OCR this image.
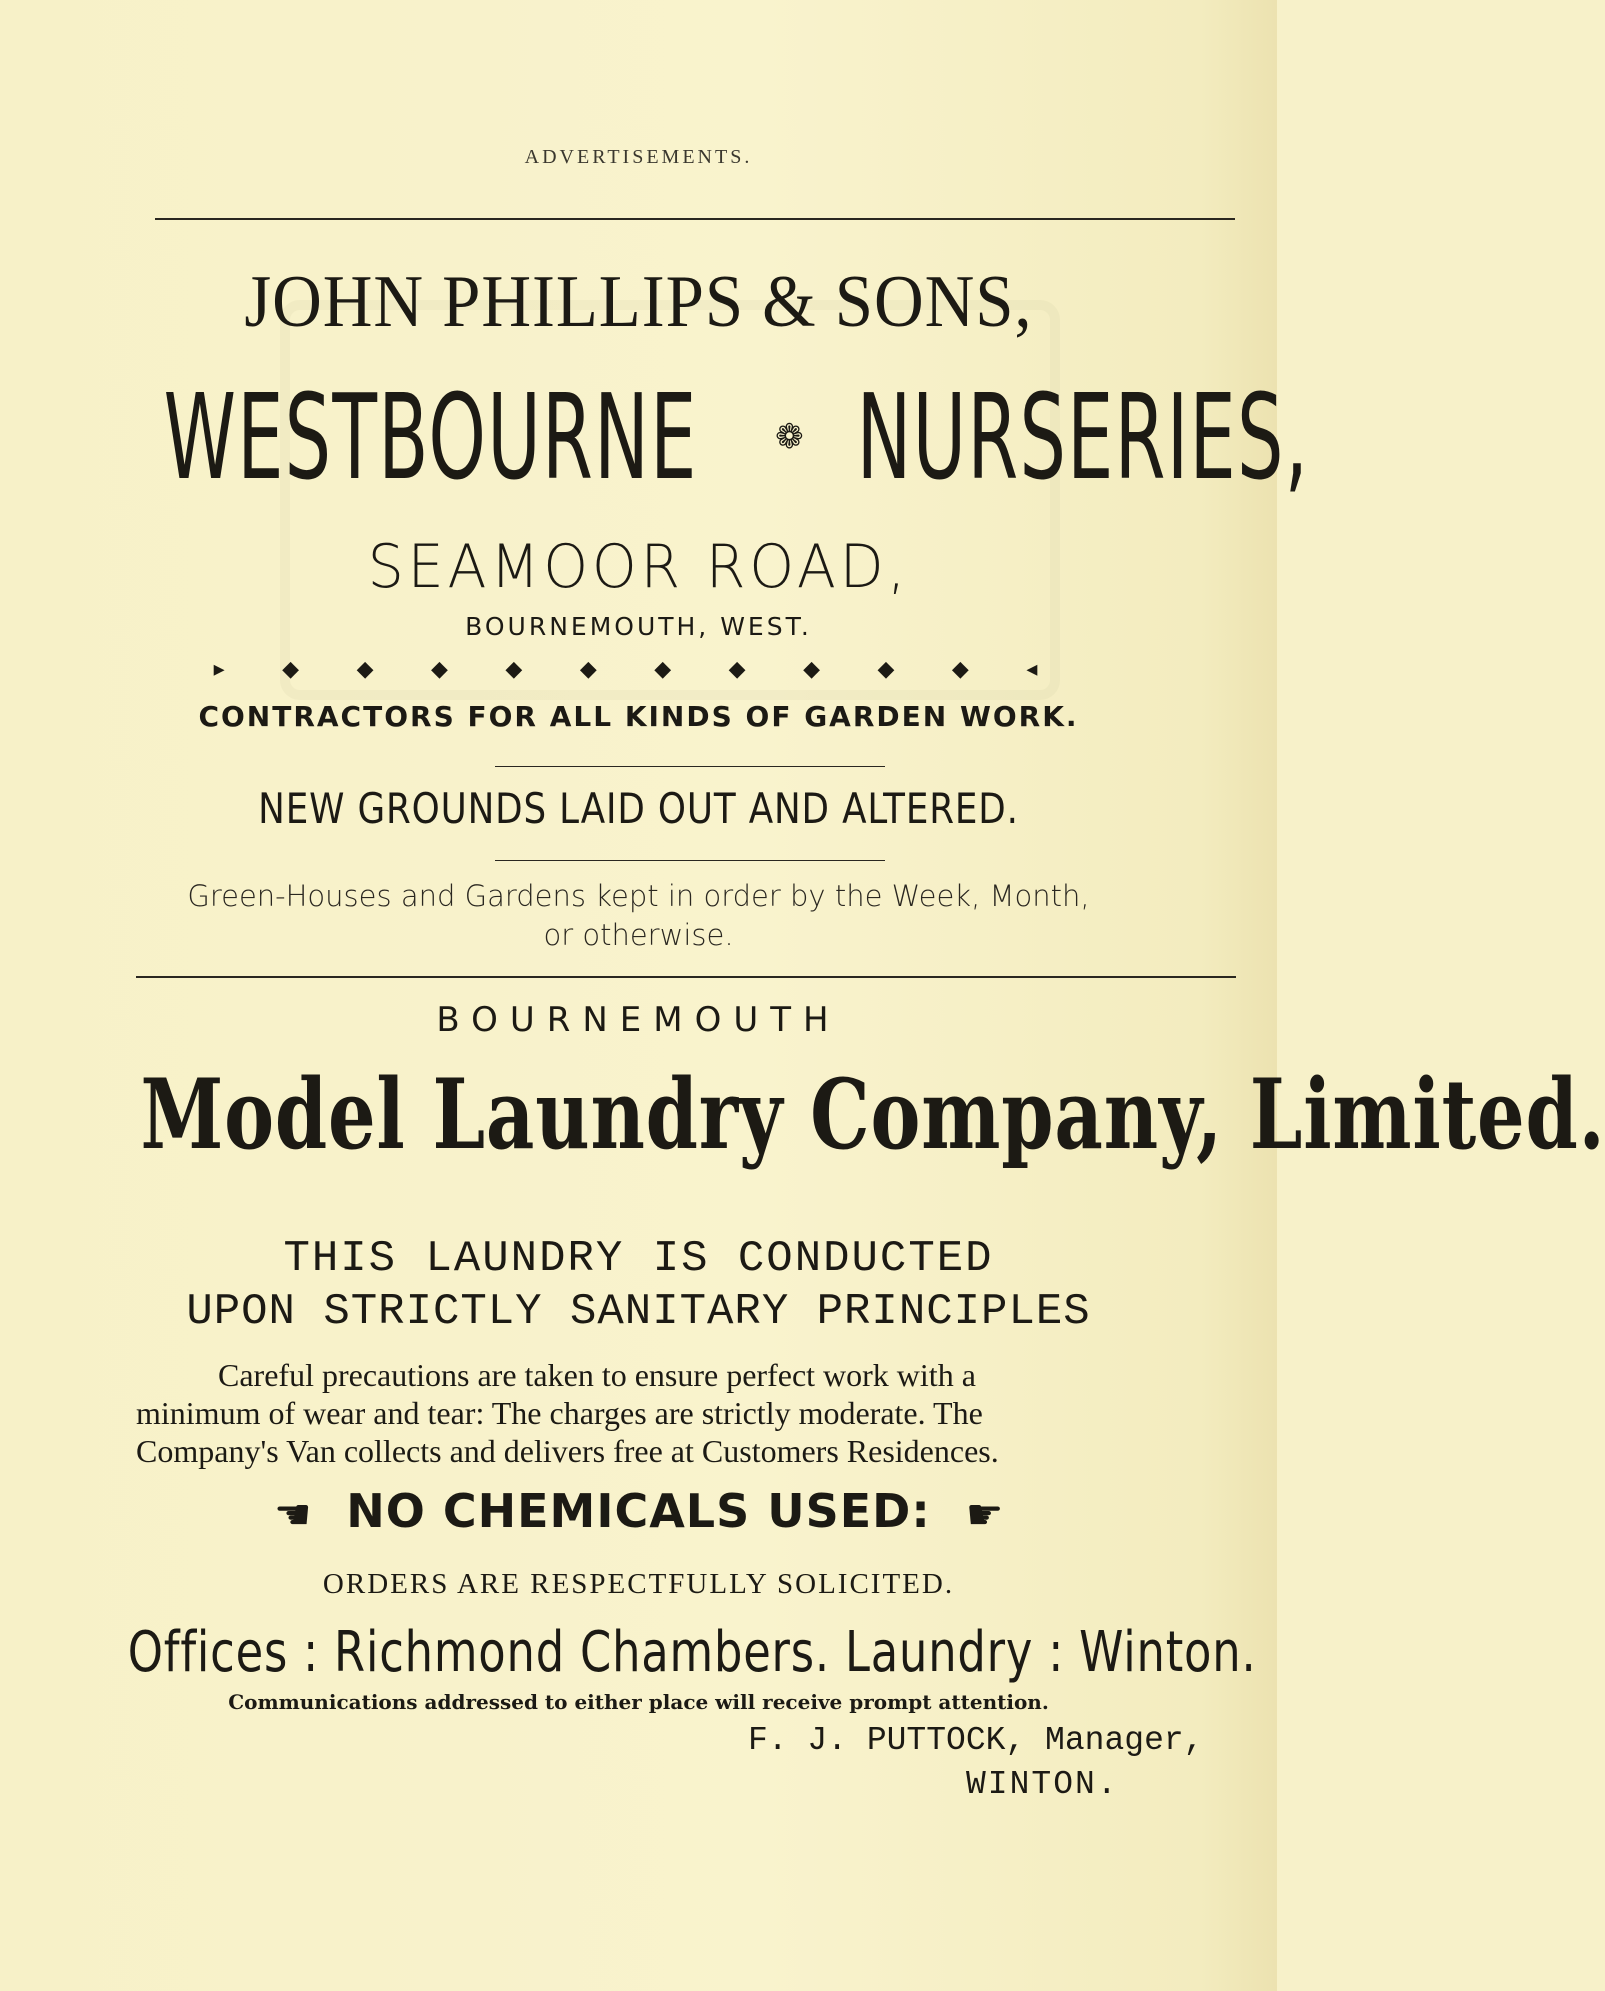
ADVERTISEMENTS.
JOHN PHILLIPS & SONS,
WESTBOURNE ❁ NURSERIES,
SEAMOOR ROAD,
BOURNEMOUTH, WEST.
▸ ◆ ◆ ◆ ◆ ◆ ◆ ◆ ◆ ◆ ◆ ◂
CONTRACTORS FOR ALL KINDS OF GARDEN WORK.
NEW GROUNDS LAID OUT AND ALTERED.
Green-Houses and Gardens kept in order by the Week, Month,
or otherwise.
BOURNEMOUTH
Model Laundry Company, Limited.
THIS LAUNDRY IS CONDUCTED
UPON STRICTLY SANITARY PRINCIPLES
Careful precautions are taken to ensure perfect work with a
minimum of wear and tear: The charges are strictly moderate. The
Company's Van collects and delivers free at Customers Residences.
☛ NO CHEMICALS USED: ☛
ORDERS ARE RESPECTFULLY SOLICITED.
Offices : Richmond Chambers. Laundry : Winton.
Communications addressed to either place will receive prompt attention.
F. J. PUTTOCK, Manager,
WINTON.
